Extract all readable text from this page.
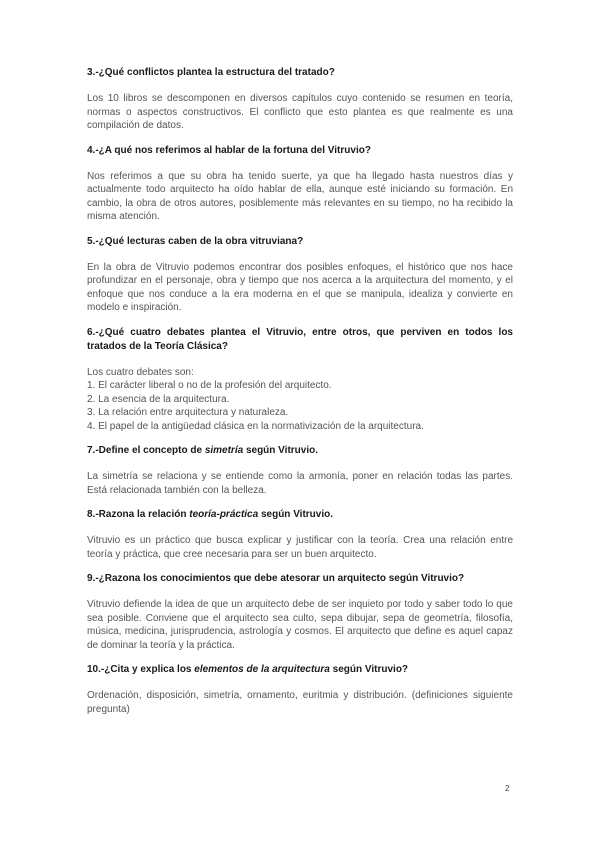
3.-¿Qué conflictos plantea la estructura del tratado?

Los 10 libros se descomponen en diversos capítulos cuyo contenido se resumen en teoría, normas o aspectos constructivos. El conflicto que esto plantea es que realmente es una compilación de datos.

4.-¿A qué nos referimos al hablar de la fortuna del Vitruvio?

Nos referimos a que su obra ha tenido suerte, ya que ha llegado hasta nuestros días y actualmente todo arquitecto ha oído hablar de ella, aunque esté iniciando su formación. En cambio, la obra de otros autores, posiblemente más relevantes en su tiempo, no ha recibido la misma atención.

5.-¿Qué lecturas caben de la obra vitruviana?

En la obra de Vitruvio podemos encontrar dos posibles enfoques, el histórico que nos hace profundizar en el personaje, obra y tiempo que nos acerca a la arquitectura del momento, y el enfoque que nos conduce a la era moderna en el que se manipula, idealiza y convierte en modelo e inspiración.

6.-¿Qué cuatro debates plantea el Vitruvio, entre otros, que perviven en todos los tratados de la Teoría Clásica?

Los cuatro debates son:
1. El carácter liberal o no de la profesión del arquitecto.
2. La esencia de la arquitectura.
3. La relación entre arquitectura y naturaleza.
4. El papel de la antigüedad clásica en la normativización de la arquitectura.

7.-Define el concepto de simetría según Vitruvio.

La simetría se relaciona y se entiende como la armonía, poner en relación todas las partes. Está relacionada también con la belleza.

8.-Razona la relación teoría-práctica según Vitruvio.

Vitruvio es un práctico que busca explicar y justificar con la teoría. Crea una relación entre teoría y práctica, que cree necesaria para ser un buen arquitecto.

9.-¿Razona los conocimientos que debe atesorar un arquitecto según Vitruvio?

Vitruvio defiende la idea de que un arquitecto debe de ser inquieto por todo y saber todo lo que sea posible. Conviene que el arquitecto sea culto, sepa dibujar, sepa de geometría, filosofía, música, medicina, jurisprudencia, astrología y cosmos. El arquitecto que define es aquel capaz de dominar la teoría y la práctica.

10.-¿Cita y explica los elementos de la arquitectura según Vitruvio?

Ordenación, disposición, simetría, ornamento, euritmia y distribución. (definiciones siguiente pregunta)

2
